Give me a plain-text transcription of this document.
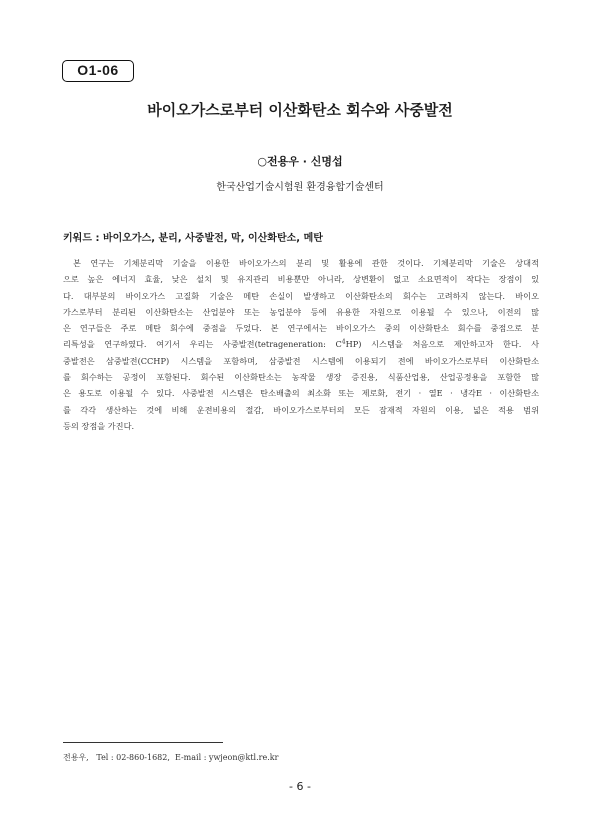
O1-06
바이오가스로부터 이산화탄소 회수와 사중발전
○전용우 · 신명섭
한국산업기술시험원 환경융합기술센터
키워드 : 바이오가스, 분리, 사중발전, 막, 이산화탄소, 메탄
본 연구는 기체분리막 기술을 이용한 바이오가스의 분리 및 활용에 관한 것이다. 기체분리막 기술은 상대적
으로 높은 에너지 효율, 낮은 설치 및 유지관리 비용뿐만 아니라, 상변환이 없고 소요면적이 작다는 장점이 있
다. 대부분의 바이오가스 고질화 기술은 메탄 손실이 발생하고 이산화탄소의 회수는 고려하지 않는다. 바이오
가스로부터 분리된 이산화탄소는 산업분야 또는 농업분야 등에 유용한 자원으로 이용될 수 있으나, 이전의 많
은 연구들은 주로 메탄 회수에 중점을 두었다. 본 연구에서는 바이오가스 중의 이산화탄소 회수를 중점으로 분
리특성을 연구하였다. 여기서 우리는 사중발전(tetrageneration: $C^4HP$) 시스템을 처음으로 제안하고자 한다. 사
중발전은 삼중발전(CCHP) 시스템을 포함하며, 삼중발전 시스템에 이용되기 전에 바이오가스로부터 이산화탄소
를 회수하는 공정이 포함된다. 회수된 이산화탄소는 농작물 생장 증진용, 식품산업용, 산업공정용을 포함한 많
은 용도로 이용될 수 있다. 사중발전 시스템은 탄소배출의 최소화 또는 제로화, 전기 · 열E · 냉각E · 이산화탄소
를 각각 생산하는 것에 비해 운전비용의 절감, 바이오가스로부터의 모든 잠재적 자원의 이용, 넓은 적용 범위
등의 장점을 가진다.
전용우,   Tel : 02-860-1682,  E-mail : ywjeon@ktl.re.kr
- 6 -
